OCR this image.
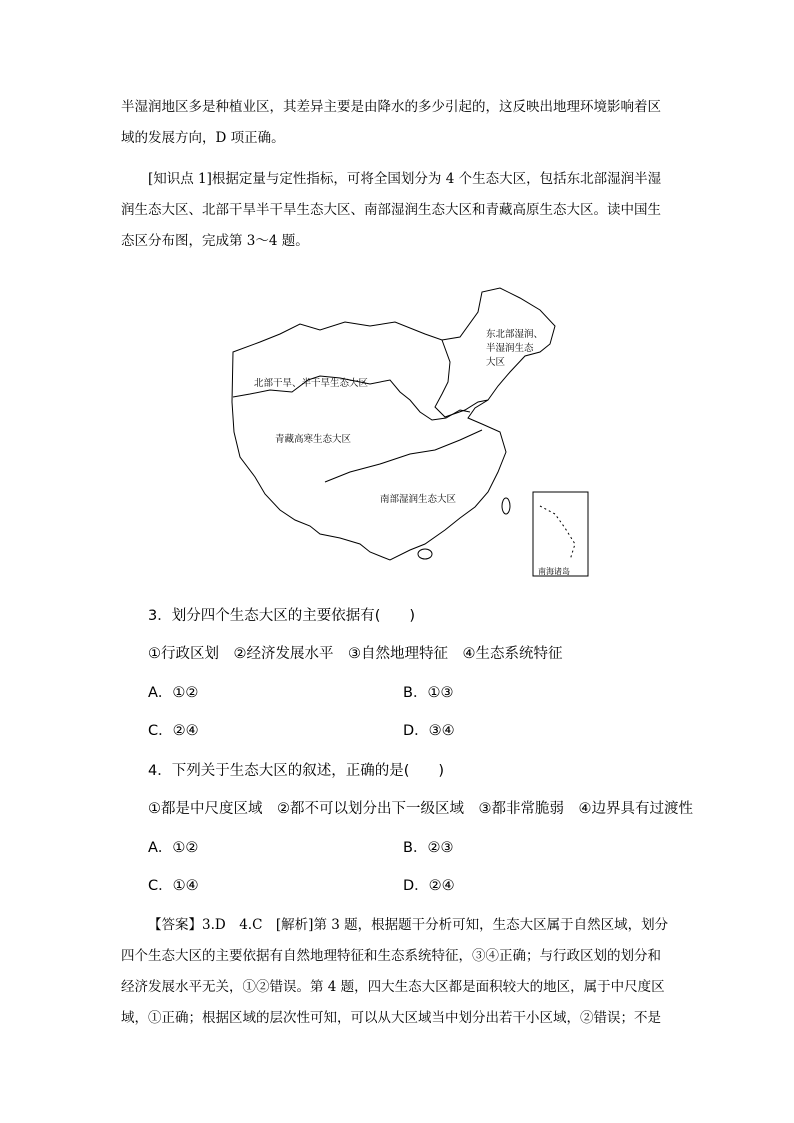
半湿润地区多是种植业区，其差异主要是由降水的多少引起的，这反映出地理环境影响着区
域的发展方向，D 项正确。
[知识点 1]根据定量与定性指标，可将全国划分为 4 个生态大区，包括东北部湿润半湿
润生态大区、北部干旱半干旱生态大区、南部湿润生态大区和青藏高原生态大区。读中国生
态区分布图，完成第 3～4 题。
东北部湿润、
半湿润生态
大区
北部干旱、半干旱生态大区
青藏高寒生态大区
南部湿润生态大区
南海诸岛
3．划分四个生态大区的主要依据有(　　)
①行政区划　②经济发展水平　③自然地理特征　④生态系统特征
A．①②	B．①③
C．②④	D．③④
4．下列关于生态大区的叙述，正确的是(　　)
①都是中尺度区域　②都不可以划分出下一级区域　③都非常脆弱　④边界具有过渡性
A．①②	B．②③
C．①④	D．②④
【答案】3.D　4.C　[解析]第 3 题，根据题干分析可知，生态大区属于自然区域，划分
四个生态大区的主要依据有自然地理特征和生态系统特征，③④正确；与行政区划的划分和
经济发展水平无关，①②错误。第 4 题，四大生态大区都是面积较大的地区，属于中尺度区
域，①正确；根据区域的层次性可知，可以从大区域当中划分出若干小区域，②错误；不是
